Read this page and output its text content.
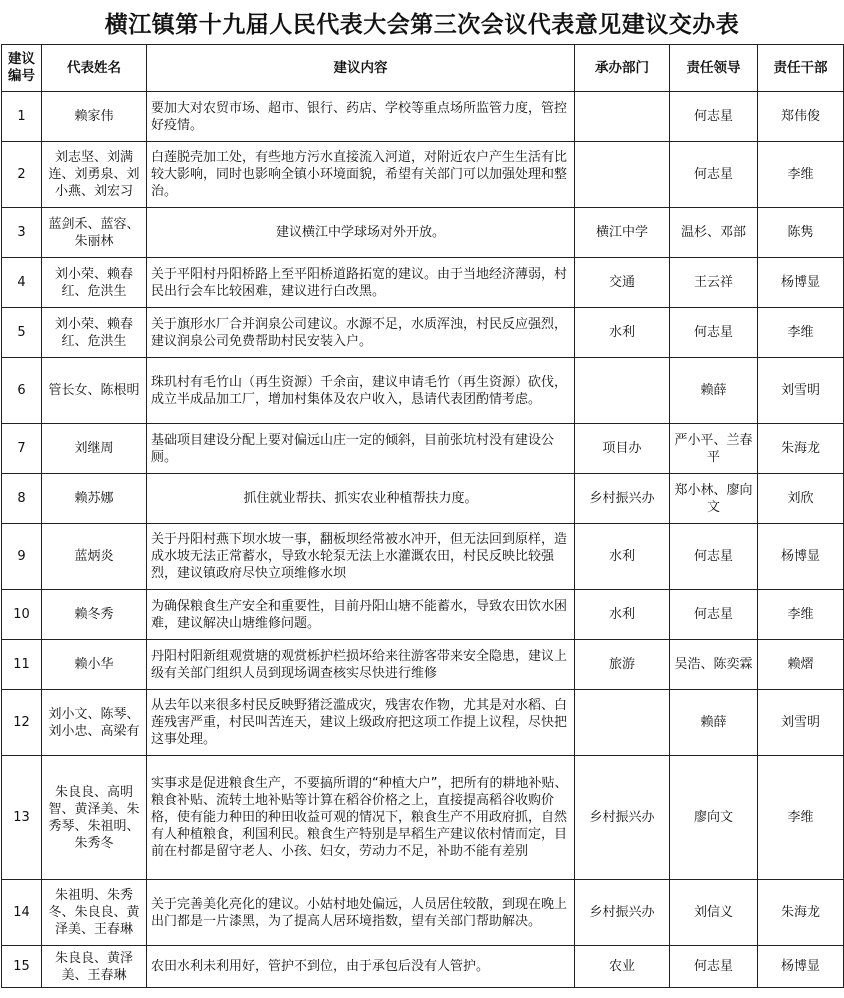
横江镇第十九届人民代表大会第三次会议代表意见建议交办表
建议
编号	代表姓名	建议内容	承办部门	责任领导	责任干部

1	赖家伟	要加大对农贸市场、超市、银行、药店、学校等重点场所监管力度，管控好疫情。		何志星	郑伟俊

2	刘志坚、刘满连、刘勇泉、刘小燕、刘宏习	白莲脱壳加工处，有些地方污水直接流入河道，对附近农户产生生活有比较大影响，同时也影响全镇小环境面貌，希望有关部门可以加强处理和整治。		何志星	李维

3	蓝剑禾、蓝容、朱丽林	建议横江中学球场对外开放。	横江中学	温杉、邓部	陈隽

4	刘小荣、赖春红、危洪生	关于平阳村丹阳桥路上至平阳桥道路拓宽的建议。由于当地经济薄弱，村民出行会车比较困难，建议进行白改黑。	交通	王云祥	杨博显

5	刘小荣、赖春红、危洪生	关于旗形水厂合并润泉公司建议。水源不足，水质浑浊，村民反应强烈，建议润泉公司免费帮助村民安装入户。	水利	何志星	李维

6	管长女、陈根明	珠玑村有毛竹山（再生资源）千余亩，建议申请毛竹（再生资源）砍伐，成立半成品加工厂，增加村集体及农户收入，恳请代表团酌情考虑。		赖薛	刘雪明

7	刘继周	基础项目建设分配上要对偏远山庄一定的倾斜，目前张坑村没有建设公厕。	项目办	严小平、兰春平	朱海龙

8	赖苏娜	抓住就业帮扶、抓实农业种植帮扶力度。	乡村振兴办	郑小林、廖向文	刘欣

9	蓝炳炎	关于丹阳村燕下坝水坡一事，翻板坝经常被水冲开，但无法回到原样，造成水坡无法正常蓄水，导致水轮泵无法上水灌溉农田，村民反映比较强烈，建议镇政府尽快立项维修水坝	水利	何志星	杨博显

10	赖冬秀	为确保粮食生产安全和重要性，目前丹阳山塘不能蓄水，导致农田饮水困难，建议解决山塘维修问题。	水利	何志星	李维

11	赖小华	丹阳村阳新组观赏塘的观赏栎护栏损坏给来往游客带来安全隐患，建议上级有关部门组织人员到现场调查核实尽快进行维修	旅游	吴浩、陈奕霖	赖熠

12	刘小文、陈琴、刘小忠、高梁有	从去年以来很多村民反映野猪泛滥成灾，残害农作物，尤其是对水稻、白莲残害严重，村民叫苦连天，建议上级政府把这项工作提上议程，尽快把这事处理。		赖薛	刘雪明

13	朱良良、高明智、黄泽美、朱秀琴、朱祖明、朱秀冬	实事求是促进粮食生产，不要搞所谓的“种植大户”，把所有的耕地补贴、粮食补贴、流转土地补贴等计算在稻谷价格之上，直接提高稻谷收购价格，使有能力种田的种田收益可观的情况下，粮食生产不用政府抓，自然有人种植粮食，利国利民。粮食生产特别是早稻生产建议依村情而定，目前在村都是留守老人、小孩、妇女，劳动力不足，补助不能有差别	乡村振兴办	廖向文	李维

14	朱祖明、朱秀冬、朱良良、黄泽美、王春琳	关于完善美化亮化的建议。小姑村地处偏远，人员居住较散，到现在晚上出门都是一片漆黑，为了提高人居环境指数，望有关部门帮助解决。	乡村振兴办	刘信义	朱海龙

15	朱良良、黄泽美、王春琳	农田水利未利用好，管护不到位，由于承包后没有人管护。	农业	何志星	杨博显
